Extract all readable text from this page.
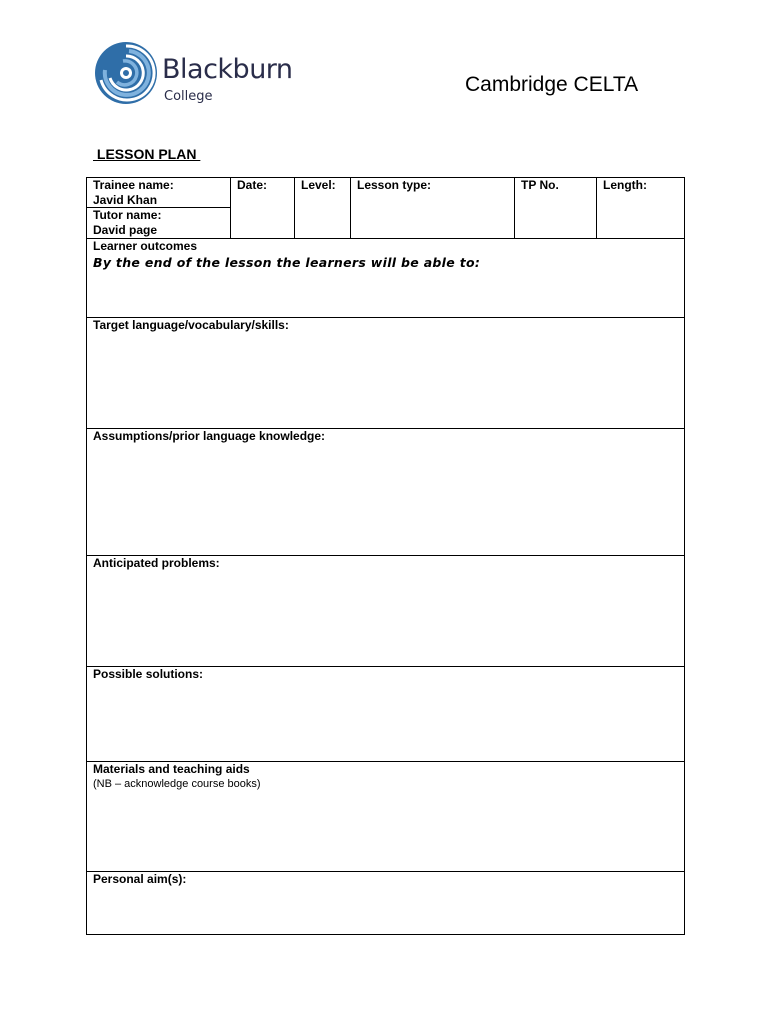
Blackburn
College
Cambridge CELTA
LESSON PLAN
Trainee name:
Javid Khan
Tutor name:
David page

Date:	Level:	Lesson type:	TP No.	Length:

Learner outcomes
By the end of the lesson the learners will be able to:

Target language/vocabulary/skills:

Assumptions/prior language knowledge:

Anticipated problems:

Possible solutions:

Materials and teaching aids
(NB – acknowledge course books)

Personal aim(s):
